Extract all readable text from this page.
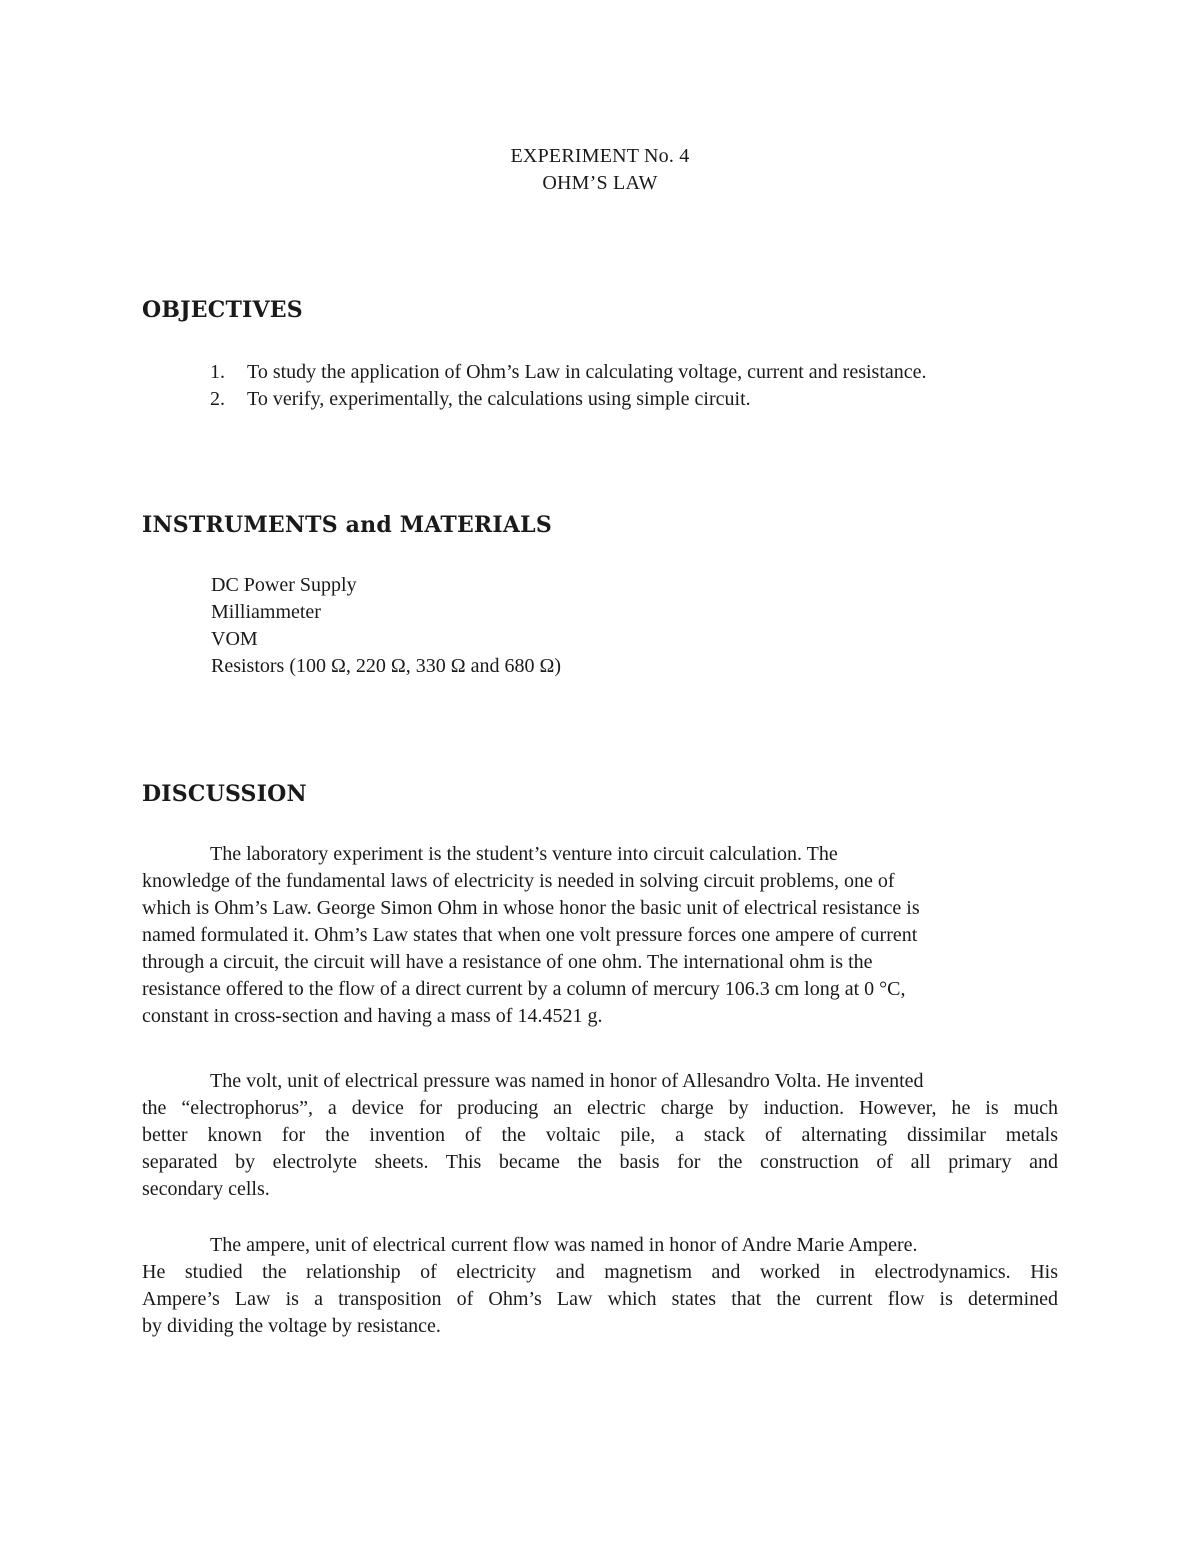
EXPERIMENT No. 4
OHM’S LAW
OBJECTIVES
1. To study the application of Ohm’s Law in calculating voltage, current and resistance.
2. To verify, experimentally, the calculations using simple circuit.
INSTRUMENTS and MATERIALS
DC Power Supply
Milliammeter
VOM
Resistors (100 Ω, 220 Ω, 330 Ω and 680 Ω)
DISCUSSION
The laboratory experiment is the student’s venture into circuit calculation. The
knowledge of the fundamental laws of electricity is needed in solving circuit problems, one of
which is Ohm’s Law. George Simon Ohm in whose honor the basic unit of electrical resistance is
named formulated it. Ohm’s Law states that when one volt pressure forces one ampere of current
through a circuit, the circuit will have a resistance of one ohm. The international ohm is the
resistance offered to the flow of a direct current by a column of mercury 106.3 cm long at 0 °C,
constant in cross-section and having a mass of 14.4521 g.
The volt, unit of electrical pressure was named in honor of Allesandro Volta. He invented
the “electrophorus”, a device for producing an electric charge by induction. However, he is much
better known for the invention of the voltaic pile, a stack of alternating dissimilar metals
separated by electrolyte sheets. This became the basis for the construction of all primary and
secondary cells.
The ampere, unit of electrical current flow was named in honor of Andre Marie Ampere.
He studied the relationship of electricity and magnetism and worked in electrodynamics. His
Ampere’s Law is a transposition of Ohm’s Law which states that the current flow is determined
by dividing the voltage by resistance.
